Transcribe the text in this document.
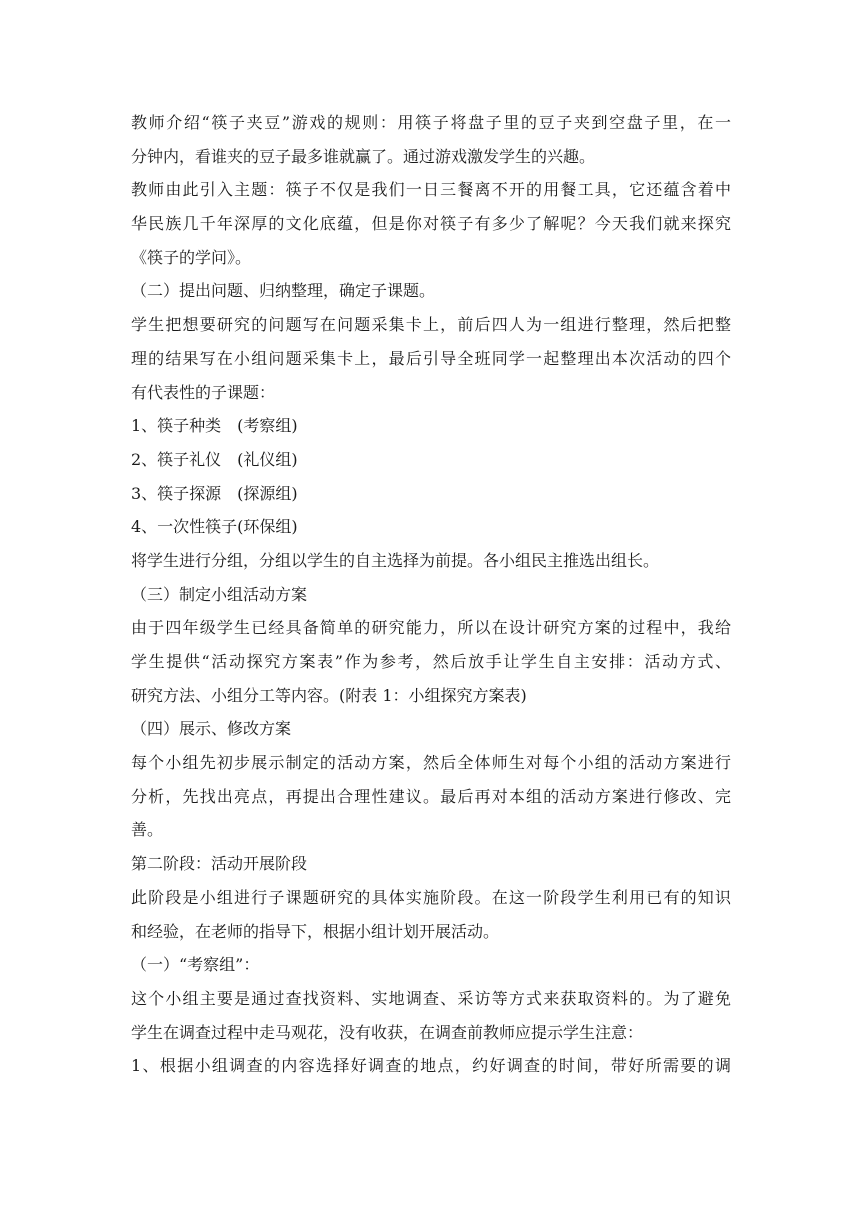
教师介绍“筷子夹豆”游戏的规则：用筷子将盘子里的豆子夹到空盘子里，在一
分钟内，看谁夹的豆子最多谁就赢了。通过游戏激发学生的兴趣。
教师由此引入主题：筷子不仅是我们一日三餐离不开的用餐工具，它还蕴含着中
华民族几千年深厚的文化底蕴，但是你对筷子有多少了解呢？今天我们就来探究
《筷子的学问》。
（二）提出问题、归纳整理，确定子课题。
学生把想要研究的问题写在问题采集卡上，前后四人为一组进行整理，然后把整
理的结果写在小组问题采集卡上，最后引导全班同学一起整理出本次活动的四个
有代表性的子课题：
1、筷子种类　(考察组)
2、筷子礼仪　(礼仪组)
3、筷子探源　(探源组)
4、一次性筷子(环保组)
将学生进行分组，分组以学生的自主选择为前提。各小组民主推选出组长。
（三）制定小组活动方案
由于四年级学生已经具备简单的研究能力，所以在设计研究方案的过程中，我给
学生提供“活动探究方案表”作为参考，然后放手让学生自主安排：活动方式、
研究方法、小组分工等内容。(附表 1：小组探究方案表)
（四）展示、修改方案
每个小组先初步展示制定的活动方案，然后全体师生对每个小组的活动方案进行
分析，先找出亮点，再提出合理性建议。最后再对本组的活动方案进行修改、完
善。
第二阶段：活动开展阶段
此阶段是小组进行子课题研究的具体实施阶段。在这一阶段学生利用已有的知识
和经验，在老师的指导下，根据小组计划开展活动。
（一）“考察组”：
这个小组主要是通过查找资料、实地调查、采访等方式来获取资料的。为了避免
学生在调查过程中走马观花，没有收获，在调查前教师应提示学生注意：
1、根据小组调查的内容选择好调查的地点，约好调查的时间，带好所需要的调
